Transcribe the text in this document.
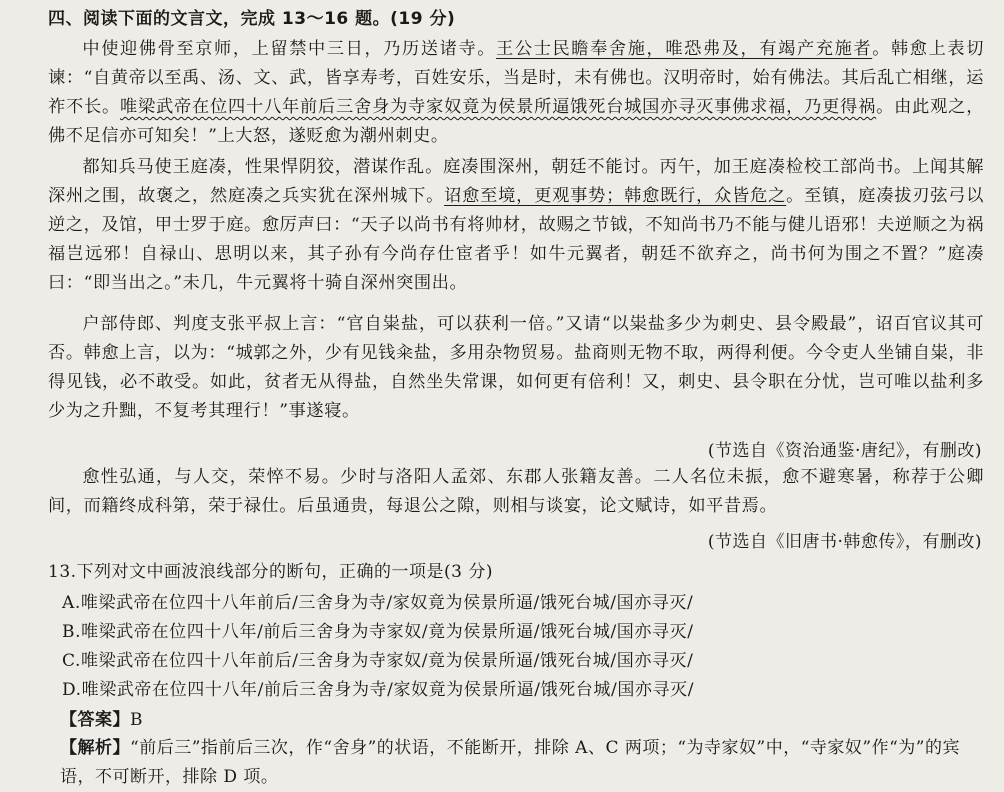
四、阅读下面的文言文，完成 13～16 题。(19 分)

中使迎佛骨至京师，上留禁中三日，乃历送诸寺。王公士民瞻奉舍施，唯恐弗及，有竭产充施者。韩愈上表切谏：“自黄帝以至禹、汤、文、武，皆享寿考，百姓安乐，当是时，未有佛也。汉明帝时，始有佛法。其后乱亡相继，运祚不长。唯梁武帝在位四十八年前后三舍身为寺家奴竟为侯景所逼饿死台城国亦寻灭事佛求福，乃更得祸。由此观之，佛不足信亦可知矣！”上大怒，遂贬愈为潮州刺史。

都知兵马使王庭凑，性果悍阴狡，潜谋作乱。庭凑围深州，朝廷不能讨。丙午，加王庭凑检校工部尚书。上闻其解深州之围，故褒之，然庭凑之兵实犹在深州城下。诏愈至境，更观事势；韩愈既行，众皆危之。至镇，庭凑拔刃弦弓以逆之，及馆，甲士罗于庭。愈厉声曰：“天子以尚书有将帅材，故赐之节钺，不知尚书乃不能与健儿语邪！夫逆顺之为祸福岂远邪！自禄山、思明以来，其子孙有今尚存仕宦者乎！如牛元翼者，朝廷不欲弃之，尚书何为围之不置？”庭凑曰：“即当出之。”未几，牛元翼将十骑自深州突围出。

户部侍郎、判度支张平叔上言：“官自粜盐，可以获利一倍。”又请“以粜盐多少为刺史、县令殿最”，诏百官议其可否。韩愈上言，以为：“城郭之外，少有见钱籴盐，多用杂物贸易。盐商则无物不取，两得利便。今令吏人坐铺自粜，非得见钱，必不敢受。如此，贫者无从得盐，自然坐失常课，如何更有倍利！又，刺史、县令职在分忧，岂可唯以盐利多少为之升黜，不复考其理行！”事遂寝。

(节选自《资治通鉴·唐纪》，有删改)

愈性弘通，与人交，荣悴不易。少时与洛阳人孟郊、东郡人张籍友善。二人名位未振，愈不避寒暑，称荐于公卿间，而籍终成科第，荣于禄仕。后虽通贵，每退公之隙，则相与谈宴，论文赋诗，如平昔焉。

(节选自《旧唐书·韩愈传》，有删改)
13.下列对文中画波浪线部分的断句，正确的一项是(3 分)
A.唯梁武帝在位四十八年前后/三舍身为寺/家奴竟为侯景所逼/饿死台城/国亦寻灭/
B.唯梁武帝在位四十八年/前后三舍身为寺家奴/竟为侯景所逼/饿死台城/国亦寻灭/
C.唯梁武帝在位四十八年前后/三舍身为寺家奴/竟为侯景所逼/饿死台城/国亦寻灭/
D.唯梁武帝在位四十八年/前后三舍身为寺/家奴竟为侯景所逼/饿死台城/国亦寻灭/
【答案】B

【解析】“前后三”指前后三次，作“舍身”的状语，不能断开，排除 A、C 两项；“为寺家奴”中，“寺家奴”作“为”的宾语，不可断开，排除 D 项。
